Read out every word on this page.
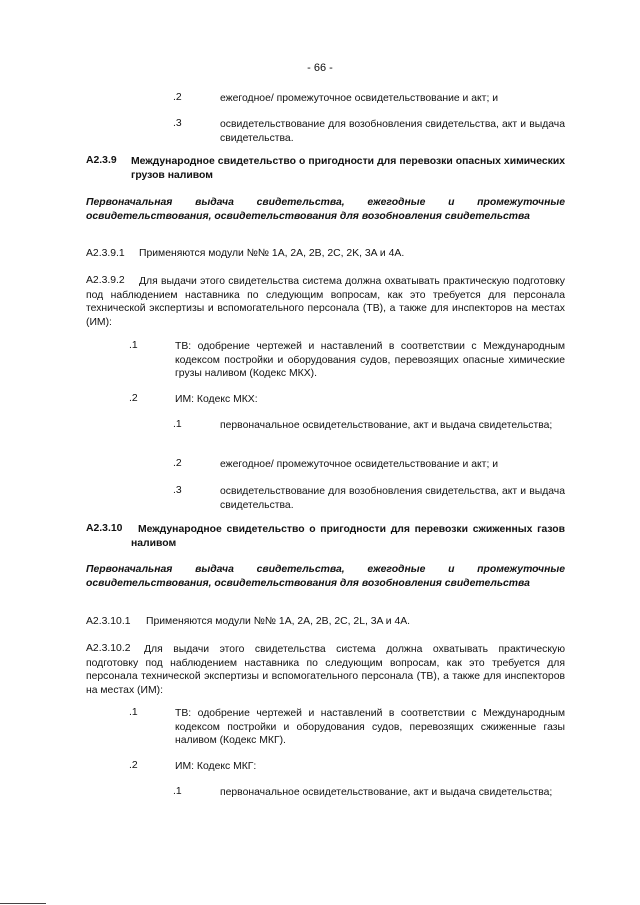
- 66 -
.2	ежегодное/ промежуточное освидетельствование и акт; и
.3	освидетельствование для возобновления свидетельства, акт и выдача свидетельства.
A2.3.9 Международное свидетельство о пригодности для перевозки опасных химических грузов наливом
Первоначальная выдача свидетельства, ежегодные и промежуточные освидетельствования, освидетельствования для возобновления свидетельства
A2.3.9.1 Применяются модули №№ 1A, 2A, 2B, 2C, 2K, 3A и 4A.
Для выдачи этого свидетельства система должна охватывать практическую подготовку под наблюдением наставника по следующим вопросам, как это требуется для персонала технической экспертизы и вспомогательного персонала (ТВ), а также для инспекторов на местах (ИМ):
A2.3.9.2
.1	ТВ: одобрение чертежей и наставлений в соответствии с Международным кодексом постройки и оборудования судов, перевозящих опасные химические грузы наливом (Кодекс МКХ).
.2	ИМ: Кодекс МКХ:
.1	первоначальное освидетельствование, акт и выдача свидетельства;
.2	ежегодное/ промежуточное освидетельствование и акт; и
.3	освидетельствование для возобновления свидетельства, акт и выдача свидетельства.
A2.3.10	Международное свидетельство о пригодности для перевозки сжиженных газов наливом
Первоначальная выдача свидетельства, ежегодные и промежуточные освидетельствования, освидетельствования для возобновления свидетельства
A2.3.10.1 Применяются модули №№ 1A, 2A, 2B, 2C, 2L, 3A и 4A.
Для выдачи этого свидетельства система должна охватывать практическую подготовку под наблюдением наставника по следующим вопросам, как это требуется для персонала технической экспертизы и вспомогательного персонала (ТВ), а также для инспекторов на местах (ИМ):
A2.3.10.2
.1	ТВ: одобрение чертежей и наставлений в соответствии с Международным кодексом постройки и оборудования судов, перевозящих сжиженные газы наливом (Кодекс МКГ).
.2	ИМ: Кодекс МКГ:
.1	первоначальное освидетельствование, акт и выдача свидетельства;
